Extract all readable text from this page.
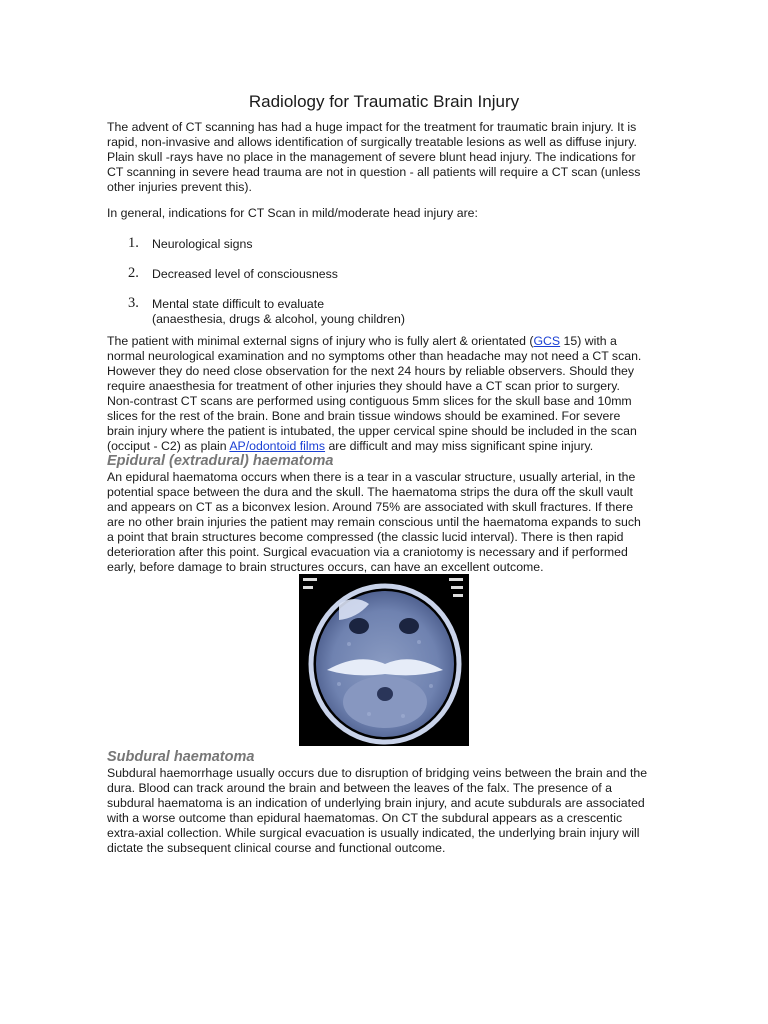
Radiology for Traumatic Brain Injury

The advent of CT scanning has had a huge impact for the treatment for traumatic brain injury. It is
rapid, non-invasive and allows identification of surgically treatable lesions as well as diffuse injury.
Plain skull -rays have no place in the management of severe blunt head injury. The indications for
CT scanning in severe head trauma are not in question - all patients will require a CT scan (unless
other injuries prevent this).

In general, indications for CT Scan in mild/moderate head injury are:

1. Neurological signs
2. Decreased level of consciousness
3. Mental state difficult to evaluate
(anaesthesia, drugs & alcohol, young children)

The patient with minimal external signs of injury who is fully alert & orientated (GCS 15) with a
normal neurological examination and no symptoms other than headache may not need a CT scan.
However they do need close observation for the next 24 hours by reliable observers. Should they
require anaesthesia for treatment of other injuries they should have a CT scan prior to surgery.
Non-contrast CT scans are performed using contiguous 5mm slices for the skull base and 10mm
slices for the rest of the brain. Bone and brain tissue windows should be examined. For severe
brain injury where the patient is intubated, the upper cervical spine should be included in the scan
(occiput - C2) as plain AP/odontoid films are difficult and may miss significant spine injury.

Epidural (extradural) haematoma

An epidural haematoma occurs when there is a tear in a vascular structure, usually arterial, in the
potential space between the dura and the skull. The haematoma strips the dura off the skull vault
and appears on CT as a biconvex lesion. Around 75% are associated with skull fractures. If there
are no other brain injuries the patient may remain conscious until the haematoma expands to such
a point that brain structures become compressed (the classic lucid interval). There is then rapid
deterioration after this point. Surgical evacuation via a craniotomy is necessary and if performed
early, before damage to brain structures occurs, can have an excellent outcome.

Subdural haematoma

Subdural haemorrhage usually occurs due to disruption of bridging veins between the brain and the
dura. Blood can track around the brain and between the leaves of the falx. The presence of a
subdural haematoma is an indication of underlying brain injury, and acute subdurals are associated
with a worse outcome than epidural haematomas. On CT the subdural appears as a crescentic
extra-axial collection. While surgical evacuation is usually indicated, the underlying brain injury will
dictate the subsequent clinical course and functional outcome.
